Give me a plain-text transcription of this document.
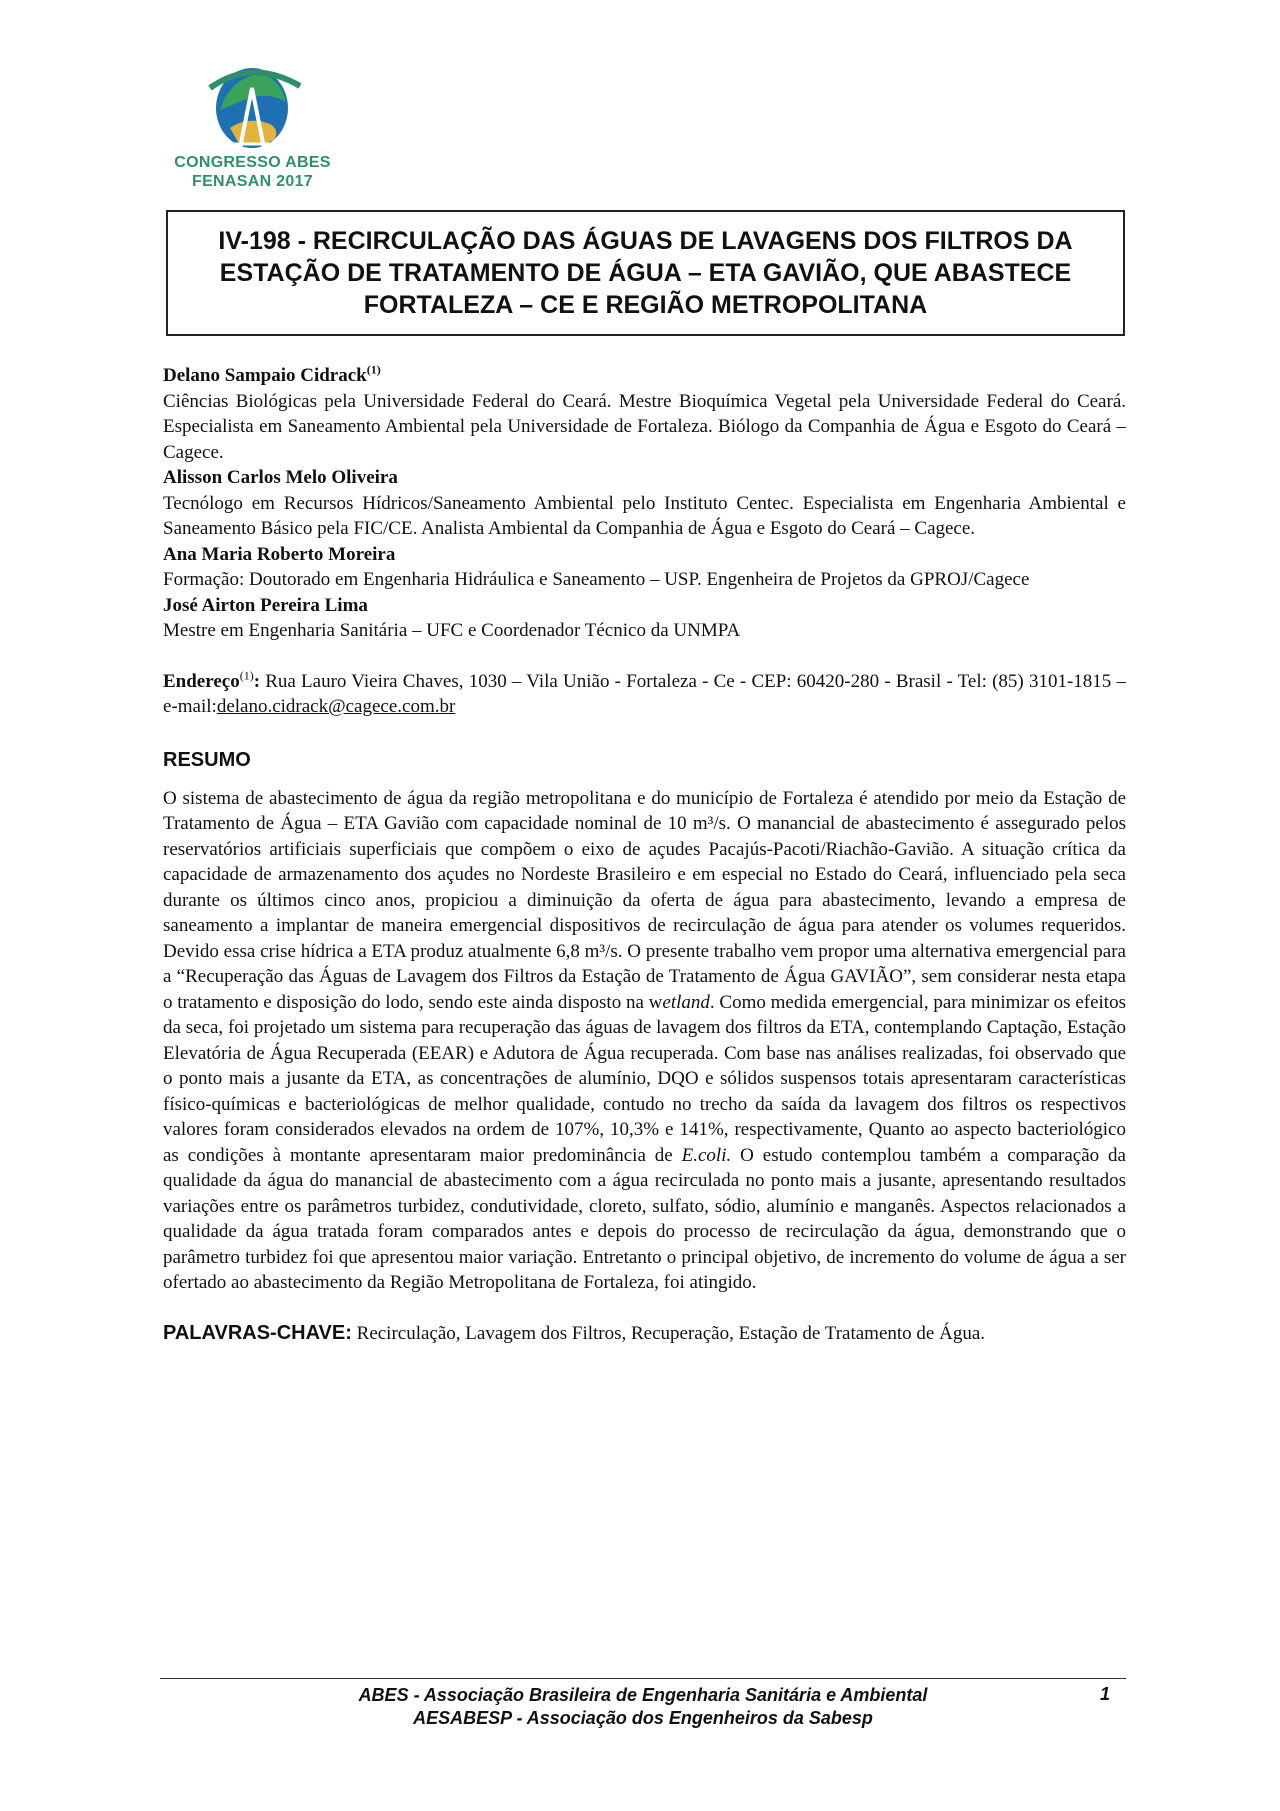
CONGRESSO ABES
FENASAN 2017
IV-198 - RECIRCULAÇÃO DAS ÁGUAS DE LAVAGENS DOS FILTROS DA ESTAÇÃO DE TRATAMENTO DE ÁGUA – ETA GAVIÃO, QUE ABASTECE FORTALEZA – CE E REGIÃO METROPOLITANA

Delano Sampaio Cidrack$^{(1)}$

Ciências Biológicas pela Universidade Federal do Ceará. Mestre Bioquímica Vegetal pela Universidade Federal do Ceará. Especialista em Saneamento Ambiental pela Universidade de Fortaleza. Biólogo da Companhia de Água e Esgoto do Ceará – Cagece.

Alisson Carlos Melo Oliveira

Tecnólogo em Recursos Hídricos/Saneamento Ambiental pelo Instituto Centec. Especialista em Engenharia Ambiental e Saneamento Básico pela FIC/CE. Analista Ambiental da Companhia de Água e Esgoto do Ceará – Cagece.

Ana Maria Roberto Moreira

Formação: Doutorado em Engenharia Hidráulica e Saneamento – USP. Engenheira de Projetos da GPROJ/Cagece

José Airton Pereira Lima

Mestre em Engenharia Sanitária – UFC e Coordenador Técnico da UNMPA

Endereço$^{(1)}$: Rua Lauro Vieira Chaves, 1030 – Vila União - Fortaleza - Ce - CEP: 60420-280 - Brasil - Tel: (85) 3101-1815 – e-mail:delano.cidrack@cagece.com.br

RESUMO

O sistema de abastecimento de água da região metropolitana e do município de Fortaleza é atendido por meio da Estação de Tratamento de Água – ETA Gavião com capacidade nominal de 10 m³/s. O manancial de abastecimento é assegurado pelos reservatórios artificiais superficiais que compõem o eixo de açudes Pacajús-Pacoti/Riachão-Gavião. A situação crítica da capacidade de armazenamento dos açudes no Nordeste Brasileiro e em especial no Estado do Ceará, influenciado pela seca durante os últimos cinco anos, propiciou a diminuição da oferta de água para abastecimento, levando a empresa de saneamento a implantar de maneira emergencial dispositivos de recirculação de água para atender os volumes requeridos. Devido essa crise hídrica a ETA produz atualmente 6,8 m³/s. O presente trabalho vem propor uma alternativa emergencial para a “Recuperação das Águas de Lavagem dos Filtros da Estação de Tratamento de Água GAVIÃO”, sem considerar nesta etapa o tratamento e disposição do lodo, sendo este ainda disposto na wetland. Como medida emergencial, para minimizar os efeitos da seca, foi projetado um sistema para recuperação das águas de lavagem dos filtros da ETA, contemplando Captação, Estação Elevatória de Água Recuperada (EEAR) e Adutora de Água recuperada. Com base nas análises realizadas, foi observado que o ponto mais a jusante da ETA, as concentrações de alumínio, DQO e sólidos suspensos totais apresentaram características físico-químicas e bacteriológicas de melhor qualidade, contudo no trecho da saída da lavagem dos filtros os respectivos valores foram considerados elevados na ordem de 107%, 10,3% e 141%, respectivamente, Quanto ao aspecto bacteriológico as condições à montante apresentaram maior predominância de E.coli. O estudo contemplou também a comparação da qualidade da água do manancial de abastecimento com a água recirculada no ponto mais a jusante, apresentando resultados variações entre os parâmetros turbidez, condutividade, cloreto, sulfato, sódio, alumínio e manganês. Aspectos relacionados a qualidade da água tratada foram comparados antes e depois do processo de recirculação da água, demonstrando que o parâmetro turbidez foi que apresentou maior variação. Entretanto o principal objetivo, de incremento do volume de água a ser ofertado ao abastecimento da Região Metropolitana de Fortaleza, foi atingido.

PALAVRAS-CHAVE: Recirculação, Lavagem dos Filtros, Recuperação, Estação de Tratamento de Água.

ABES - Associação Brasileira de Engenharia Sanitária e Ambiental
AESABESP - Associação dos Engenheiros da Sabesp
1
